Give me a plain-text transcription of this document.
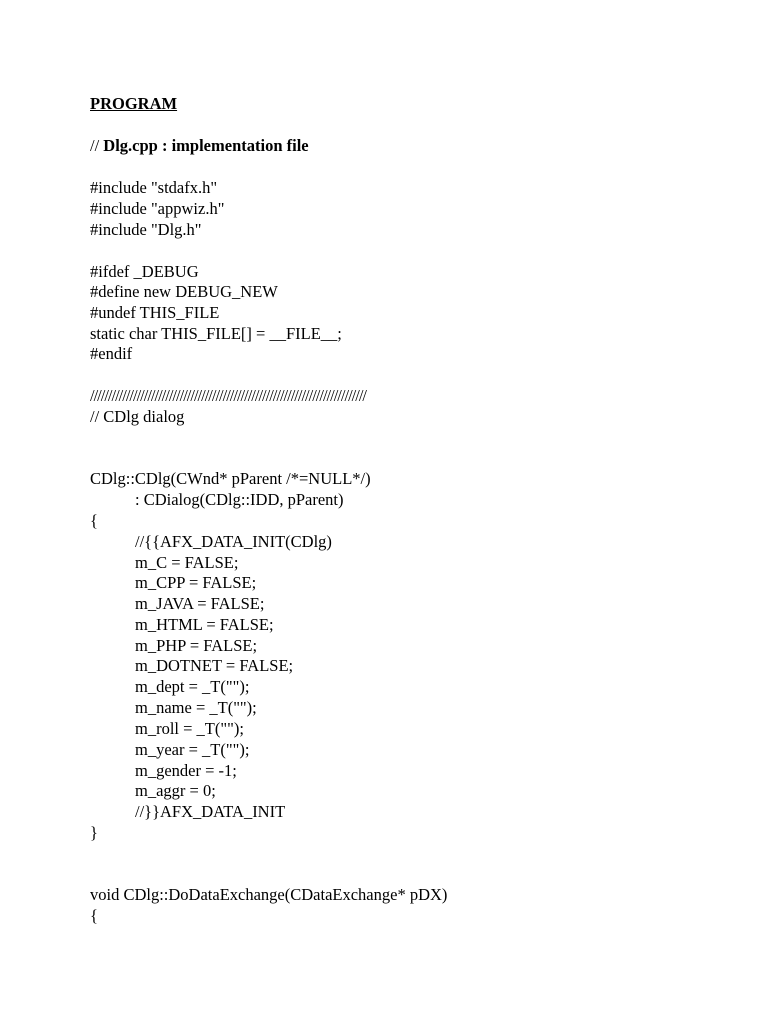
PROGRAM
// Dlg.cpp : implementation file
#include "stdafx.h"
#include "appwiz.h"
#include "Dlg.h"
#ifdef _DEBUG
#define new DEBUG_NEW
#undef THIS_FILE
static char THIS_FILE[] = __FILE__;
#endif
/////////////////////////////////////////////////////////////////////////////
// CDlg dialog
CDlg::CDlg(CWnd* pParent /*=NULL*/)
: CDialog(CDlg::IDD, pParent)
{
//{{AFX_DATA_INIT(CDlg)
m_C = FALSE;
m_CPP = FALSE;
m_JAVA = FALSE;
m_HTML = FALSE;
m_PHP = FALSE;
m_DOTNET = FALSE;
m_dept = _T("");
m_name = _T("");
m_roll = _T("");
m_year = _T("");
m_gender = -1;
m_aggr = 0;
//}}AFX_DATA_INIT
}
void CDlg::DoDataExchange(CDataExchange* pDX)
{
